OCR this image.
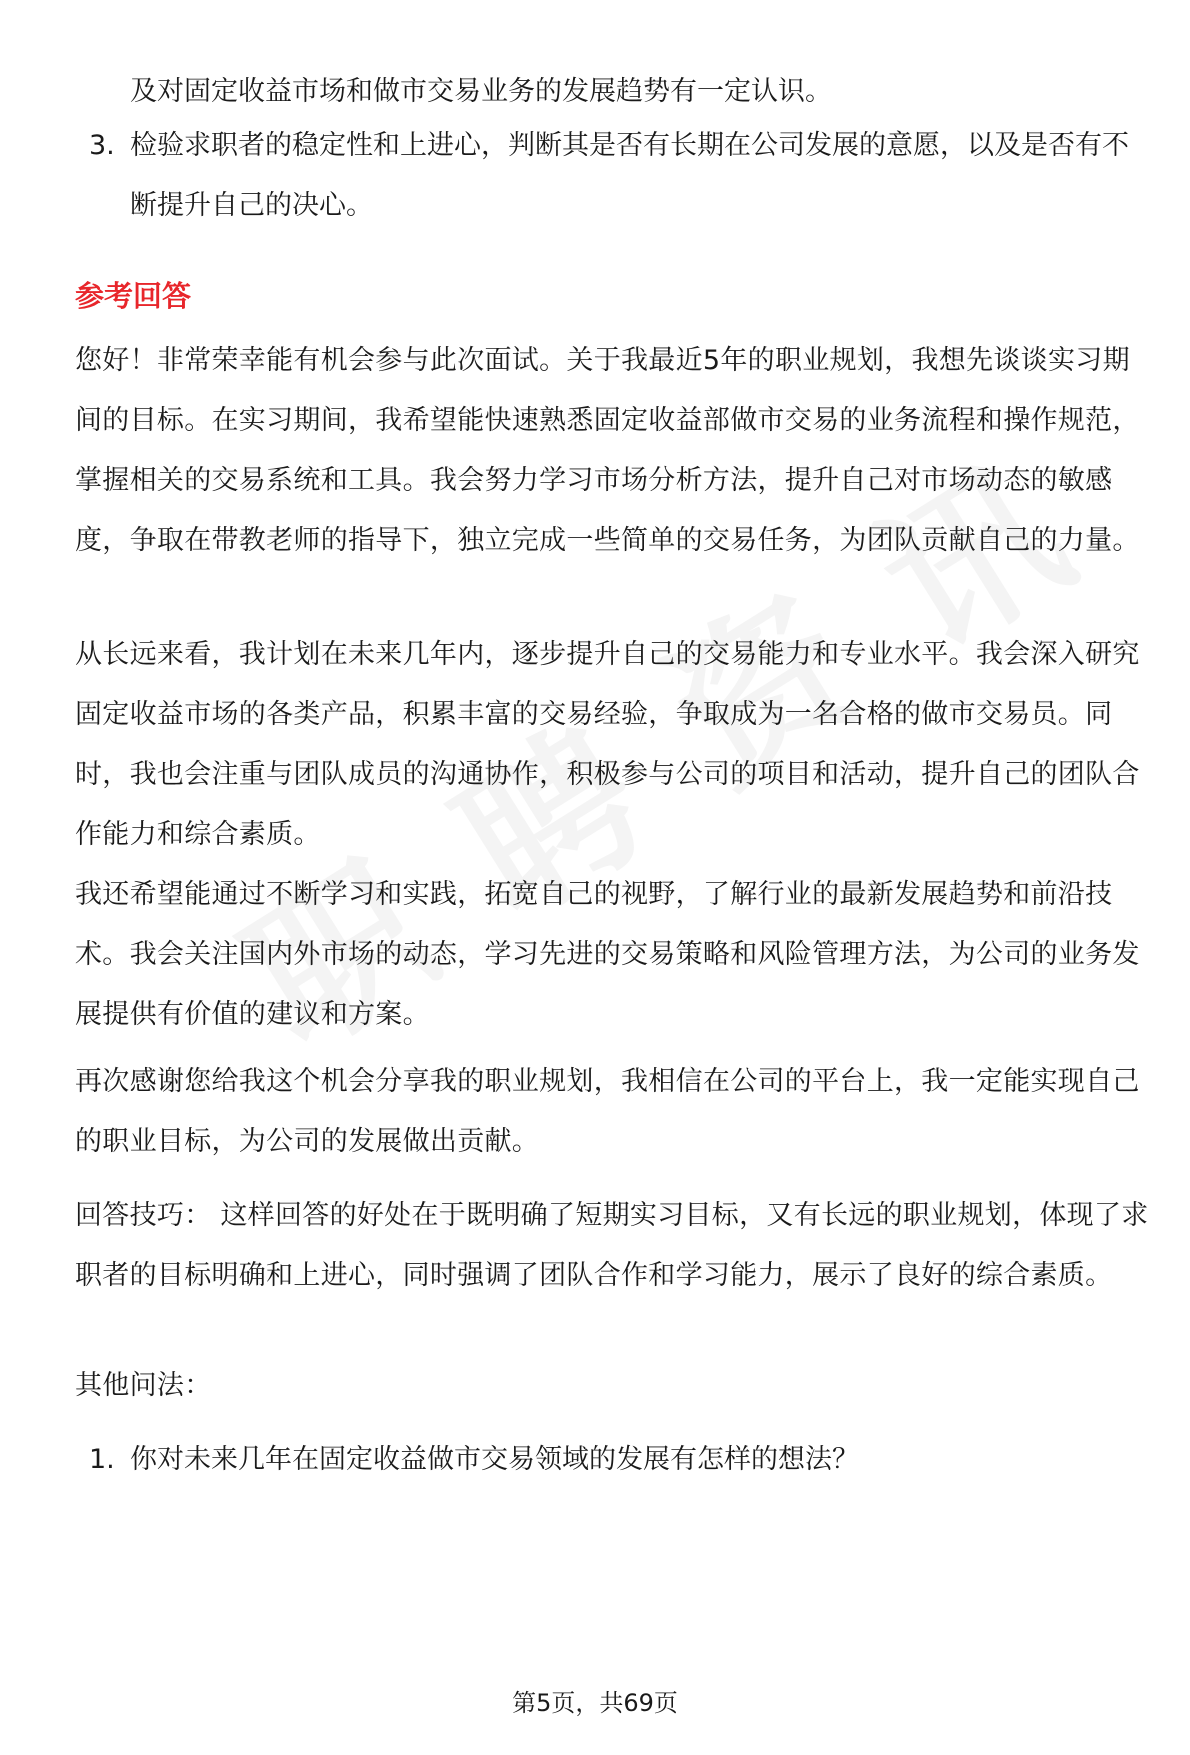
及对固定收益市场和做市交易业务的发展趋势有一定认识。
3. 检验求职者的稳定性和上进心，判断其是否有长期在公司发展的意愿，以及是否有不断提升自己的决心。
参考回答

您好！非常荣幸能有机会参与此次面试。关于我最近5年的职业规划，我想先谈谈实习期间的目标。在实习期间，我希望能快速熟悉固定收益部做市交易的业务流程和操作规范，掌握相关的交易系统和工具。我会努力学习市场分析方法，提升自己对市场动态的敏感度，争取在带教老师的指导下，独立完成一些简单的交易任务，为团队贡献自己的力量。

从长远来看，我计划在未来几年内，逐步提升自己的交易能力和专业水平。我会深入研究固定收益市场的各类产品，积累丰富的交易经验，争取成为一名合格的做市交易员。同时，我也会注重与团队成员的沟通协作，积极参与公司的项目和活动，提升自己的团队合作能力和综合素质。

我还希望能通过不断学习和实践，拓宽自己的视野，了解行业的最新发展趋势和前沿技术。我会关注国内外市场的动态，学习先进的交易策略和风险管理方法，为公司的业务发展提供有价值的建议和方案。

再次感谢您给我这个机会分享我的职业规划，我相信在公司的平台上，我一定能实现自己的职业目标，为公司的发展做出贡献。

回答技巧： 这样回答的好处在于既明确了短期实习目标，又有长远的职业规划，体现了求职者的目标明确和上进心，同时强调了团队合作和学习能力，展示了良好的综合素质。

其他问法：

1. 你对未来几年在固定收益做市交易领域的发展有怎样的想法？
第5页，共69页
